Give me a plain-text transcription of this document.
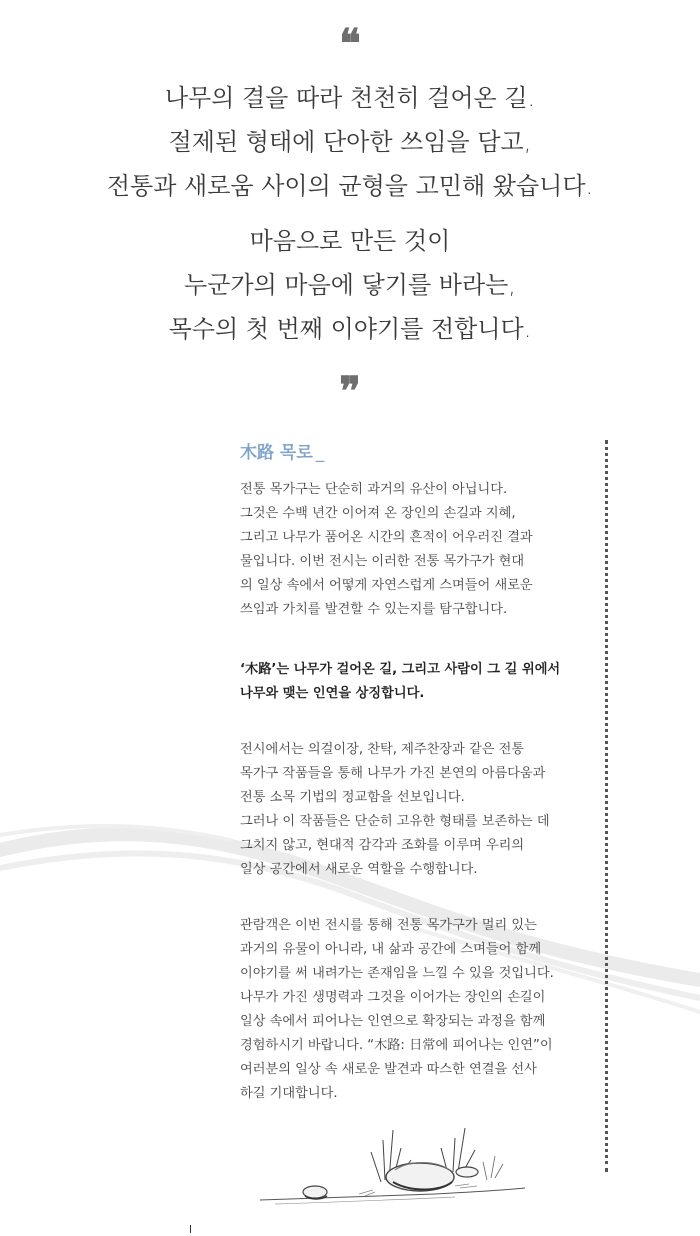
❝
나무의 결을 따라 천천히 걸어온 길.
절제된 형태에 단아한 쓰임을 담고,
전통과 새로움 사이의 균형을 고민해 왔습니다.
마음으로 만든 것이
누군가의 마음에 닿기를 바라는,
목수의 첫 번째 이야기를 전합니다.
❞
木路 목로 _
전통 목가구는 단순히 과거의 유산이 아닙니다.
그것은 수백 년간 이어져 온 장인의 손길과 지혜,
그리고 나무가 품어온 시간의 흔적이 어우러진 결과
물입니다. 이번 전시는 이러한 전통 목가구가 현대
의 일상 속에서 어떻게 자연스럽게 스며들어 새로운
쓰임과 가치를 발견할 수 있는지를 탐구합니다.
‘木路’는 나무가 걸어온 길, 그리고 사람이 그 길 위에서
나무와 맺는 인연을 상징합니다.
전시에서는 의걸이장, 찬탁, 제주찬장과 같은 전통
목가구 작품들을 통해 나무가 가진 본연의 아름다움과
전통 소목 기법의 정교함을 선보입니다.
그러나 이 작품들은 단순히 고유한 형태를 보존하는 데
그치지 않고, 현대적 감각과 조화를 이루며 우리의
일상 공간에서 새로운 역할을 수행합니다.
관람객은 이번 전시를 통해 전통 목가구가 멀리 있는
과거의 유물이 아니라, 내 삶과 공간에 스며들어 함께
이야기를 써 내려가는 존재임을 느낄 수 있을 것입니다.
나무가 가진 생명력과 그것을 이어가는 장인의 손길이
일상 속에서 피어나는 인연으로 확장되는 과정을 함께
경험하시기 바랍니다. “木路: 日常에 피어나는 인연”이
여러분의 일상 속 새로운 발견과 따스한 연결을 선사
하길 기대합니다.
